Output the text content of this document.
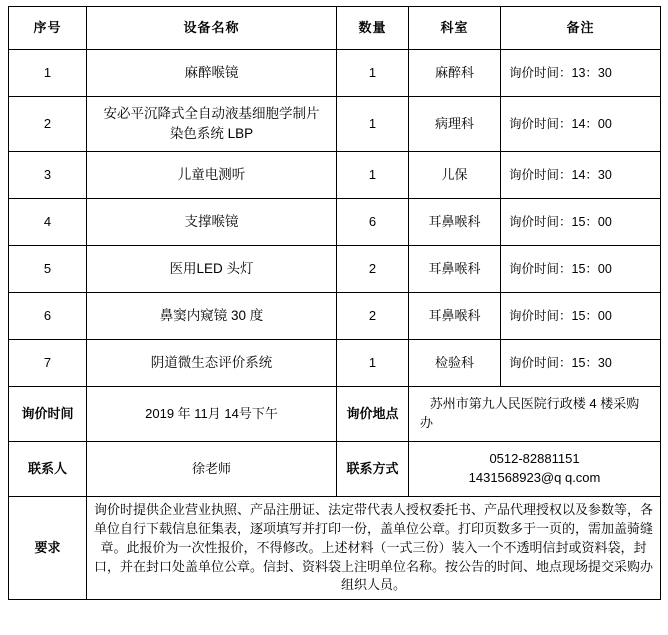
序号	设备名称	数量	科室	备注
1	麻醉喉镜	1	麻醉科	询价时间：13：30
2	安必平沉降式全自动液基细胞学制片
染色系统 LBP	1	病理科	询价时间：14：00
3	儿童电测听	1	儿保	询价时间：14：30
4	支撑喉镜	6	耳鼻喉科	询价时间：15：00
5	医用LED 头灯	2	耳鼻喉科	询价时间：15：00
6	鼻窦内窥镜 30 度	2	耳鼻喉科	询价时间：15：00
7	阴道微生态评价系统	1	检验科	询价时间：15：30
询价时间	2019 年 11月 14号下午	询价地点	苏州市第九人民医院行政楼 4 楼采购
办	

联系人	徐老师	联系方式	0512-82881151
1431568923@q q.com	

要求	询价时提供企业营业执照、产品注册证、法定带代表人授权委托书、产品代理授权以及参数等，各单位自行下载信息征集表，逐项填写并打印一份，盖单位公章。打印页数多于一页的，需加盖骑缝章。此报价为一次性报价，不得修改。上述材料（一式三份）装入一个不透明信封或资料袋，封口，并在封口处盖单位公章。信封、资料袋上注明单位名称。按公告的时间、地点现场提交采购办组织人员。			
